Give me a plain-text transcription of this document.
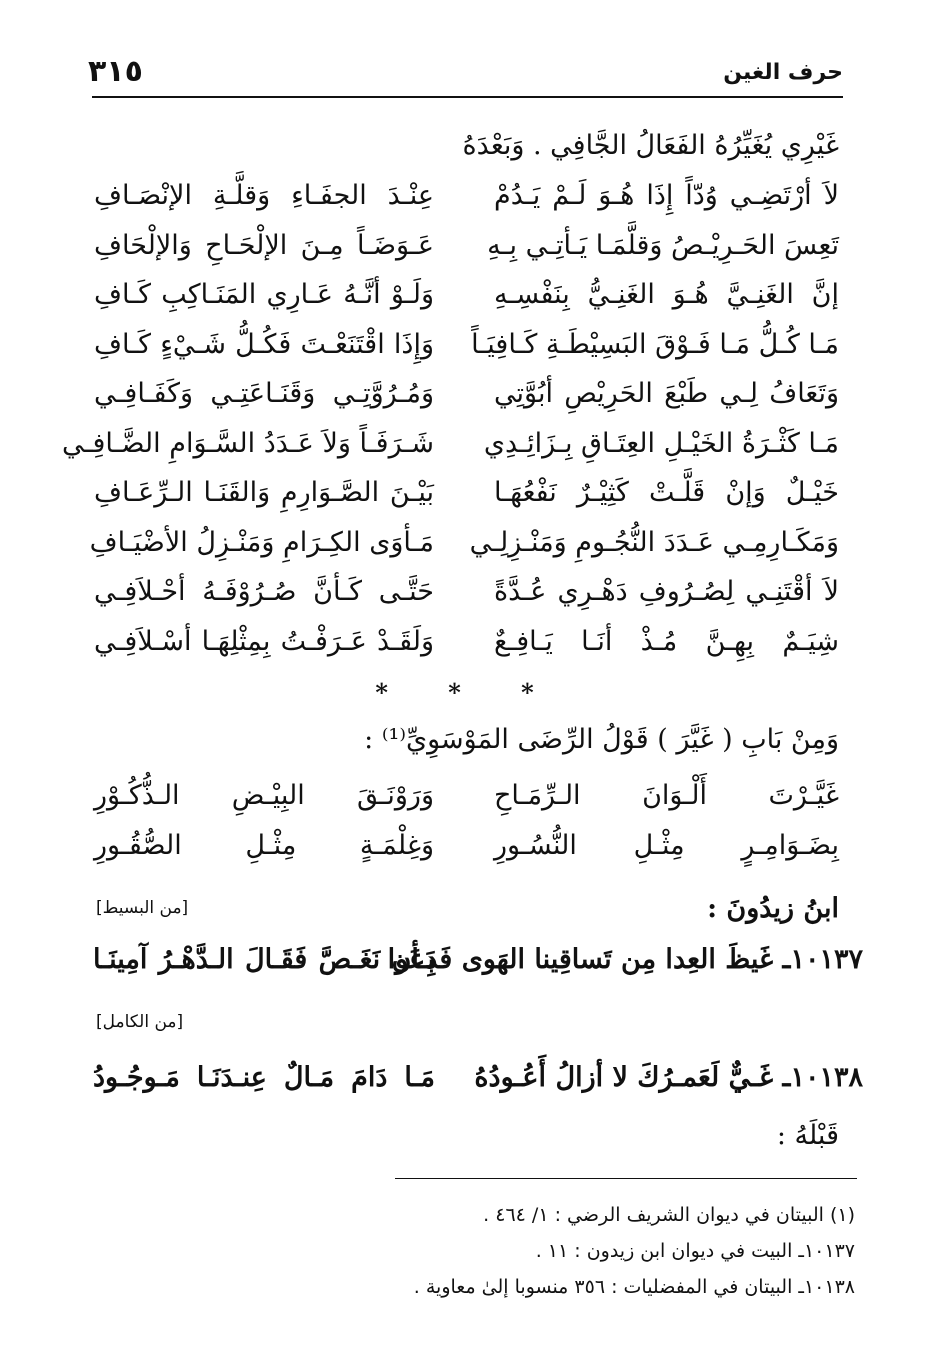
حرف الغين
٣١٥
غَيْرِي يُغَيِّرُهُ الفَعَالُ الجَّافِي . وَبَعْدَهُ
لاَ أرْتَضِـي وُدّاً إِذَا هُـوَ لَـمْ يَـدُمْ
عِنْـدَ الجفَـاءِ وَقلَّـةِ الإنْصَـافِ
تَعِسَ الحَـرِيْـصُ وَقلَّمَـا يَـأتِـي بِـهِ
عَـوَضَـاً مِـنَ الإلْحَـاحِ وَالإلْحَافِ
إنَّ الغَنِـيَّ هُـوَ الغَنِـيُّ بِنَفْسِـهِ
وَلَـوْ أنَّـهُ عَـارِي المَنَـاكِبِ كَـافِ
مَـا كُـلُّ مَـا فَـوْقَ البَسِيْطَـةِ كَـافِيَـاً
وَإِذَا اقْتَنَعْـتَ فَكُـلُّ شَـيْءٍ كَـافِ
وَتَعَافُ لِـي طَبْعَ الحَرِيْصِ أبُوَّتِي
وَمُـرُوَّتِـي وَقَنَـاعَتِـي وَكَفَـافِـي
مَـا كَثْـرَةُ الخَيْـلِ العِتَـاقِ بِـزَائِـدِي
شَـرَفَـاً وَلاَ عَـدَدُ السَّـوَامِ الضَّـافِـي
خَيْـلٌ وَإنْ قَلَّـتْ كَثِيْـرٌ نَفْعُهَـا
بَيْـنَ الصَّـوَارِمِ وَالقَنَـا الـرِّعَـافِ
وَمَكَـارِمِـي عَـدَدَ النُّجُـومِ وَمَنْـزِلِـي
مَـأوَى الكِـرَامِ وَمَنْـزِلُ الأضْيَـافِ
لاَ أقْتَنِـي لِصُـرُوفِ دَهْـرِي عُـدَّةً
حَتَّـى كَـأنَّ صُـرُوْفَـهُ أحْـلاَفِـي
شِيَـمٌ بِهِـنَّ مُـذْ أنَـا يَـافِـعٌ
وَلَقَـدْ عَـرَفْـتُ بِمِثْلِهَـا أسْـلاَفِـي
* * *
وَمِنْ بَابِ ( غَيَّرَ ) قَوْلُ الرِّضَى المَوْسَوِيِّ⁽¹⁾ :
غَيَّـرْتَ أَلْـوَانَ الـرِّمَـاحِ
وَرَوْنَـقَ البِيْـضِ الـذُّكُـوْرِ
بِضَـوَامِـرٍ مِثْـلِ النُّسُـورِ
وَغِلْمَـةٍ مِثْـلِ الصُّقُـورِ
[من البسيط]	ابنُ زيدُونَ :
١٠١٣٧ـ غَيظَ العِدا مِن تَساقِينا الهَوى فَدَعَوا
بِـأن نَغَـصَّ فَقَـالَ الـدَّهْـرُ آمِينَـا
[من الكامل]
١٠١٣٨ـ غَـيٌّ لَعَمـرُكَ لا أزالُ أَعُـودُهُ
مَـا دَامَ مَـالٌ عِنـدَنَـا مَـوجُـودُ
قَبْلَهُ :
(١) البيتان في ديوان الشريف الرضي : ١/ ٤٦٤ .
١٠١٣٧ـ البيت في ديوان ابن زيدون : ١١ .
١٠١٣٨ـ البيتان في المفضليات : ٣٥٦ منسوبا إلىٰ معاوية .
